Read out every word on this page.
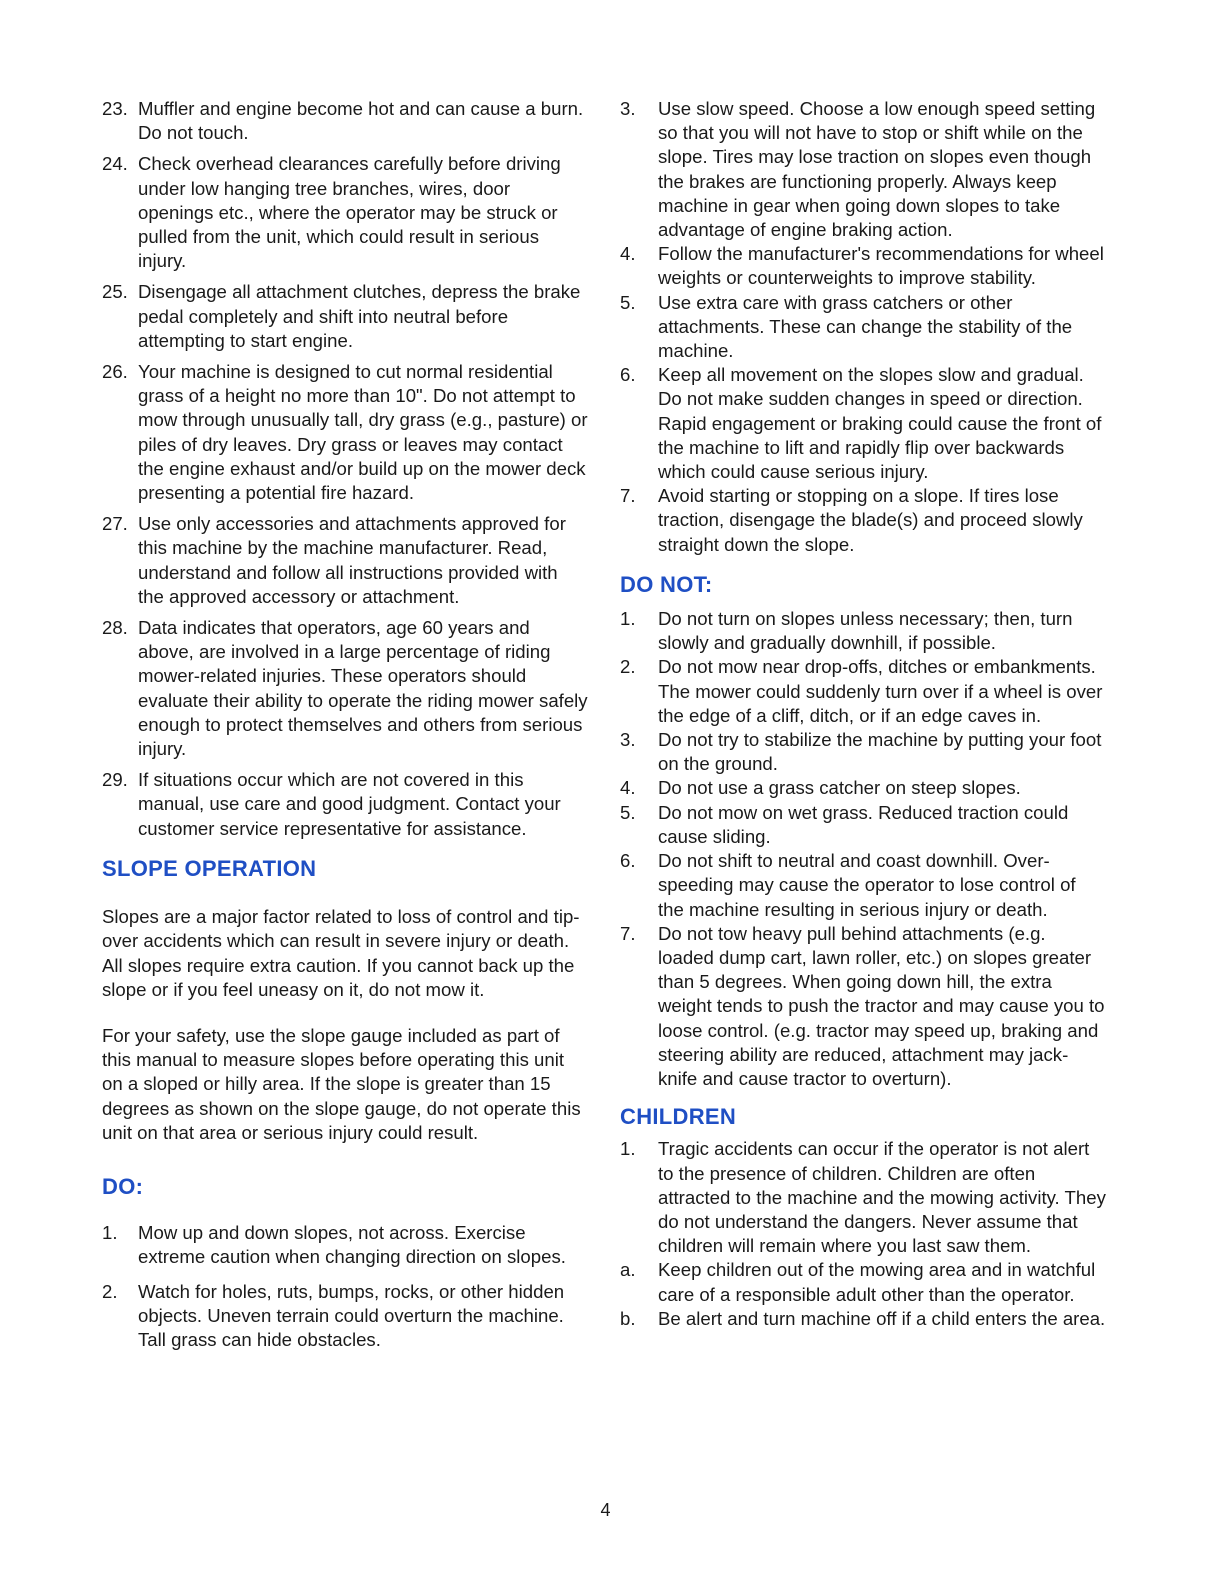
23. Muffler and engine become hot and can cause a burn. Do not touch.
24. Check overhead clearances carefully before driving under low hanging tree branches, wires, door openings etc., where the operator may be struck or pulled from the unit, which could result in serious injury.
25. Disengage all attachment clutches, depress the brake pedal completely and shift into neutral before attempting to start engine.
26. Your machine is designed to cut normal residential grass of a height no more than 10". Do not attempt to mow through unusually tall, dry grass (e.g., pasture) or piles of dry leaves. Dry grass or leaves may contact the engine exhaust and/or build up on the mower deck presenting a potential fire hazard.
27. Use only accessories and attachments approved for this machine by the machine manufacturer. Read, understand and follow all instructions provided with the approved accessory or attachment.
28. Data indicates that operators, age 60 years and above, are involved in a large percentage of riding mower-related injuries. These operators should evaluate their ability to operate the riding mower safely enough to protect themselves and others from serious injury.
29. If situations occur which are not covered in this manual, use care and good judgment. Contact your customer service representative for assistance.
SLOPE OPERATION

Slopes are a major factor related to loss of control and tip-over accidents which can result in severe injury or death. All slopes require extra caution. If you cannot back up the slope or if you feel uneasy on it, do not mow it.

For your safety, use the slope gauge included as part of this manual to measure slopes before operating this unit on a sloped or hilly area. If the slope is greater than 15 degrees as shown on the slope gauge, do not operate this unit on that area or serious injury could result.

DO:
1.	Mow up and down slopes, not across. Exercise extreme caution when changing direction on slopes.
2.	Watch for holes, ruts, bumps, rocks, or other hidden objects. Uneven terrain could overturn the machine. Tall grass can hide obstacles.
3.	Use slow speed. Choose a low enough speed setting so that you will not have to stop or shift while on the slope. Tires may lose traction on slopes even though the brakes are functioning properly. Always keep machine in gear when going down slopes to take advantage of engine braking action.
4.	Follow the manufacturer's recommendations for wheel weights or counterweights to improve stability.
5.	Use extra care with grass catchers or other attachments. These can change the stability of the machine.
6.	Keep all movement on the slopes slow and gradual. Do not make sudden changes in speed or direction. Rapid engagement or braking could cause the front of the machine to lift and rapidly flip over backwards which could cause serious injury.
7.	Avoid starting or stopping on a slope. If tires lose traction, disengage the blade(s) and proceed slowly straight down the slope.
DO NOT:
1.	Do not turn on slopes unless necessary; then, turn slowly and gradually downhill, if possible.
2.	Do not mow near drop-offs, ditches or embankments. The mower could suddenly turn over if a wheel is over the edge of a cliff, ditch, or if an edge caves in.
3.	Do not try to stabilize the machine by putting your foot on the ground.
4.	Do not use a grass catcher on steep slopes.
5.	Do not mow on wet grass. Reduced traction could cause sliding.
6.	Do not shift to neutral and coast downhill. Over-speeding may cause the operator to lose control of the machine resulting in serious injury or death.
7.	Do not tow heavy pull behind attachments (e.g. loaded dump cart, lawn roller, etc.) on slopes greater than 5 degrees. When going down hill, the extra weight tends to push the tractor and may cause you to loose control. (e.g. tractor may speed up, braking and steering ability are reduced, attachment may jack-knife and cause tractor to overturn).
CHILDREN
1.	Tragic accidents can occur if the operator is not alert to the presence of children. Children are often attracted to the machine and the mowing activity. They do not understand the dangers. Never assume that children will remain where you last saw them.
a.	Keep children out of the mowing area and in watchful care of a responsible adult other than the operator.
b.	Be alert and turn machine off if a child enters the area.
4
